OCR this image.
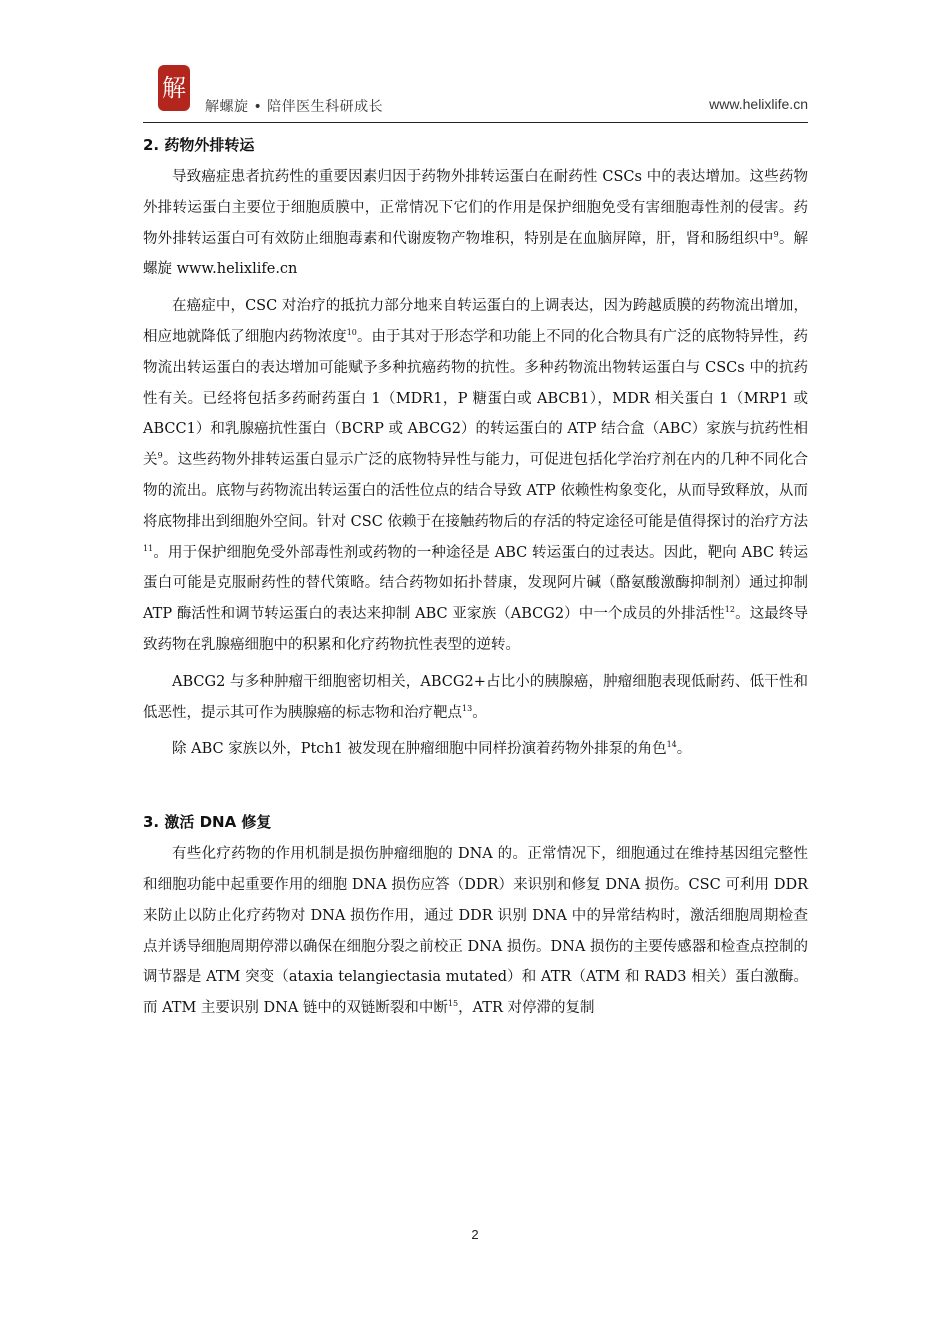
解
解螺旋 • 陪伴医生科研成长	www.helixlife.cn
2. 药物外排转运

导致癌症患者抗药性的重要因素归因于药物外排转运蛋白在耐药性 CSCs 中的表达增加。这些药物外排转运蛋白主要位于细胞质膜中，正常情况下它们的作用是保护细胞免受有害细胞毒性剂的侵害。药物外排转运蛋白可有效防止细胞毒素和代谢废物产物堆积，特别是在血脑屏障，肝，肾和肠组织中$^9$。解螺旋 www.helixlife.cn

在癌症中，CSC 对治疗的抵抗力部分地来自转运蛋白的上调表达，因为跨越质膜的药物流出增加，相应地就降低了细胞内药物浓度$^{10}$。由于其对于形态学和功能上不同的化合物具有广泛的底物特异性，药物流出转运蛋白的表达增加可能赋予多种抗癌药物的抗性。多种药物流出物转运蛋白与 CSCs 中的抗药性有关。已经将包括多药耐药蛋白 1（MDR1，P 糖蛋白或 ABCB1），MDR 相关蛋白 1（MRP1 或 ABCC1）和乳腺癌抗性蛋白（BCRP 或 ABCG2）的转运蛋白的 ATP 结合盒（ABC）家族与抗药性相关$^9$。这些药物外排转运蛋白显示广泛的底物特异性与能力，可促进包括化学治疗剂在内的几种不同化合物的流出。底物与药物流出转运蛋白的活性位点的结合导致 ATP 依赖性构象变化，从而导致释放，从而将底物排出到细胞外空间。针对 CSC 依赖于在接触药物后的存活的特定途径可能是值得探讨的治疗方法$^{11}$。用于保护细胞免受外部毒性剂或药物的一种途径是 ABC 转运蛋白的过表达。因此，靶向 ABC 转运蛋白可能是克服耐药性的替代策略。结合药物如拓扑替康，发现阿片碱（酪氨酸激酶抑制剂）通过抑制 ATP 酶活性和调节转运蛋白的表达来抑制 ABC 亚家族（ABCG2）中一个成员的外排活性$^{12}$。这最终导致药物在乳腺癌细胞中的积累和化疗药物抗性表型的逆转。

ABCG2 与多种肿瘤干细胞密切相关，ABCG2+占比小的胰腺癌，肿瘤细胞表现低耐药、低干性和低恶性，提示其可作为胰腺癌的标志物和治疗靶点$^{13}$。

除 ABC 家族以外，Ptch1 被发现在肿瘤细胞中同样扮演着药物外排泵的角色$^{14}$。

3. 激活 DNA 修复

有些化疗药物的作用机制是损伤肿瘤细胞的 DNA 的。正常情况下，细胞通过在维持基因组完整性和细胞功能中起重要作用的细胞 DNA 损伤应答（DDR）来识别和修复 DNA 损伤。CSC 可利用 DDR 来防止以防止化疗药物对 DNA 损伤作用，通过 DDR 识别 DNA 中的异常结构时，激活细胞周期检查点并诱导细胞周期停滞以确保在细胞分裂之前校正 DNA 损伤。DNA 损伤的主要传感器和检查点控制的调节器是 ATM 突变（ataxia telangiectasia mutated）和 ATR（ATM 和 RAD3 相关）蛋白激酶。而 ATM 主要识别 DNA 链中的双链断裂和中断$^{15}$，ATR 对停滞的复制

2
